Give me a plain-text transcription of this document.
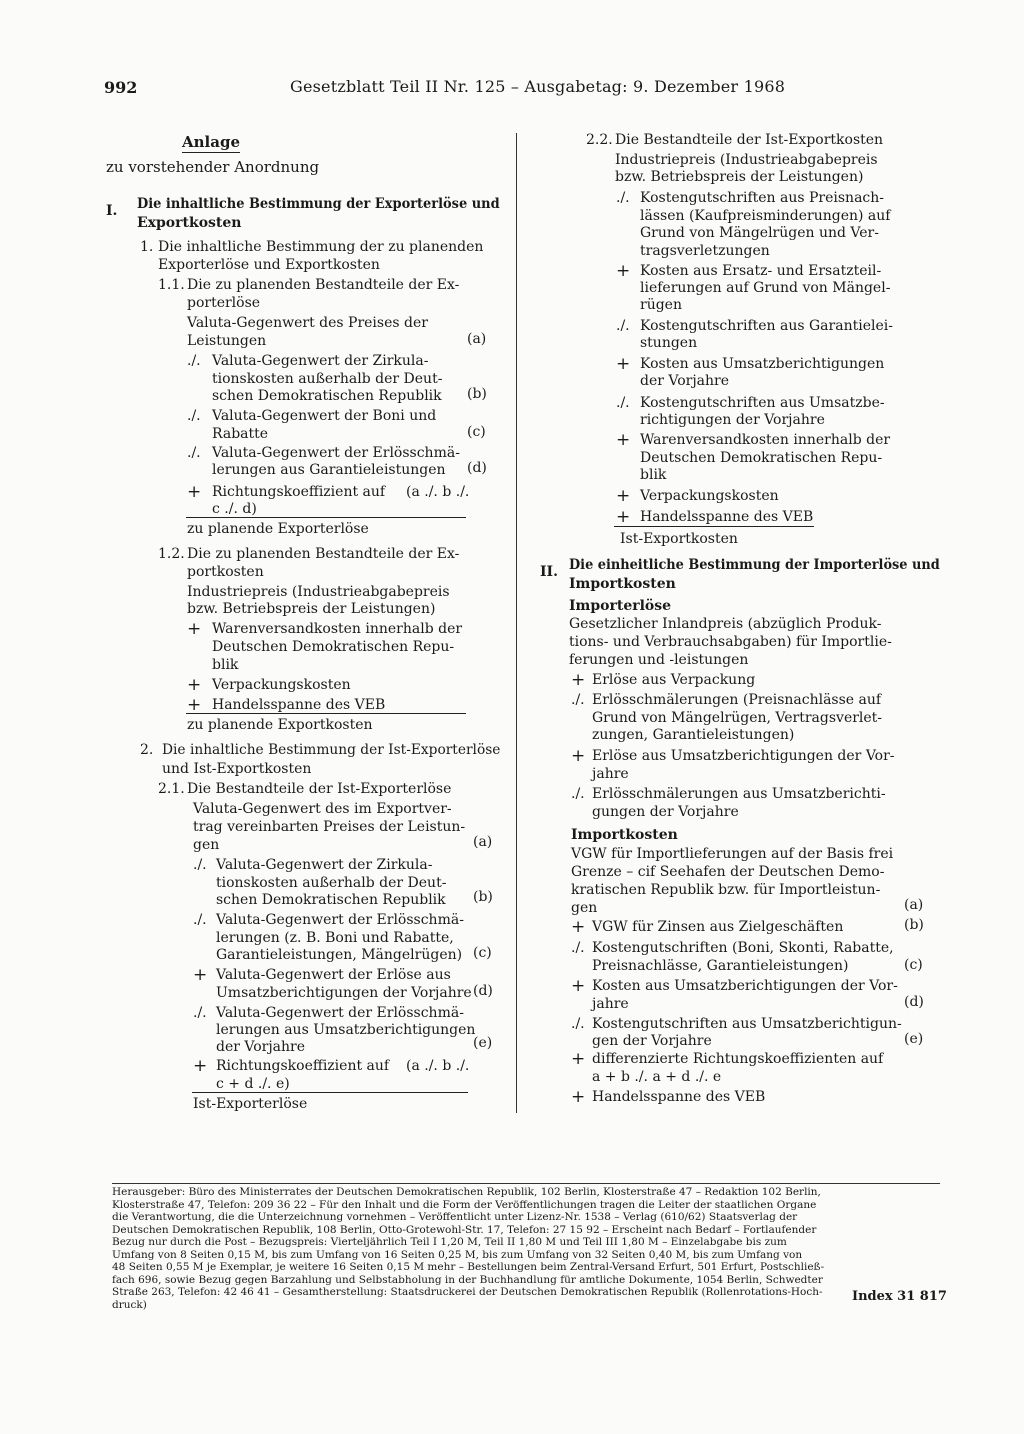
992	Gesetzblatt Teil II Nr. 125 – Ausgabetag: 9. Dezember 1968
Anlage
zu vorstehender Anordnung
I. Die inhaltliche Bestimmung der Exporterlöse und
Exportkosten
1. Die inhaltliche Bestimmung der zu planenden
Exporterlöse und Exportkosten
1.1. Die zu planenden Bestandteile der Ex-
porterlöse
Valuta-Gegenwert des Preises der
Leistungen	(a)
./. Valuta-Gegenwert der Zirkula-
tionskosten außerhalb der Deut-
schen Demokratischen Republik (b)
./. Valuta-Gegenwert der Boni und
Rabatte	(c)
./. Valuta-Gegenwert der Erlösschmä-
lerungen aus Garantieleistungen (d)
+ Richtungskoeffizient auf (a ./. b ./.
c ./. d)
zu planende Exporterlöse
1.2. Die zu planenden Bestandteile der Ex-
portkosten
Industriepreis (Industrieabgabepreis
bzw. Betriebspreis der Leistungen)
+ Warenversandkosten innerhalb der
Deutschen Demokratischen Repu-
blik
+ Verpackungskosten
+ Handelsspanne des VEB
zu planende Exportkosten
2. Die inhaltliche Bestimmung der Ist-Exporterlöse
und Ist-Exportkosten
2.1. Die Bestandteile der Ist-Exporterlöse
Valuta-Gegenwert des im Exportver-
trag vereinbarten Preises der Leistun-
gen	(a)
./. Valuta-Gegenwert der Zirkula-
tionskosten außerhalb der Deut-
schen Demokratischen Republik (b)
./. Valuta-Gegenwert der Erlösschmä-
lerungen (z. B. Boni und Rabatte,
Garantieleistungen, Mängelrügen) (c)
+ Valuta-Gegenwert der Erlöse aus
Umsatzberichtigungen der Vorjahre (d)
./. Valuta-Gegenwert der Erlösschmä-
lerungen aus Umsatzberichtigungen
der Vorjahre	(e)
+ Richtungskoeffizient auf (a ./. b ./.
c + d ./. e)
Ist-Exporterlöse
2.2. Die Bestandteile der Ist-Exportkosten
Industriepreis (Industrieabgabepreis
bzw. Betriebspreis der Leistungen)
./. Kostengutschriften aus Preisnach-
lässen (Kaufpreisminderungen) auf
Grund von Mängelrügen und Ver-
tragsverletzungen
+ Kosten aus Ersatz- und Ersatzteil-
lieferungen auf Grund von Mängel-
rügen
./. Kostengutschriften aus Garantielei-
stungen
+ Kosten aus Umsatzberichtigungen
der Vorjahre
./. Kostengutschriften aus Umsatzbe-
richtigungen der Vorjahre
+ Warenversandkosten innerhalb der
Deutschen Demokratischen Repu-
blik
+ Verpackungskosten
+ Handelsspanne des VEB
Ist-Exportkosten
II. Die einheitliche Bestimmung der Importerlöse und
Importkosten
Importerlöse
Gesetzlicher Inlandpreis (abzüglich Produk-
tions- und Verbrauchsabgaben) für Importlie-
ferungen und -leistungen
+ Erlöse aus Verpackung
./. Erlösschmälerungen (Preisnachlässe auf
Grund von Mängelrügen, Vertragsverlet-
zungen, Garantieleistungen)
+ Erlöse aus Umsatzberichtigungen der Vor-
jahre
./. Erlösschmälerungen aus Umsatzberichti-
gungen der Vorjahre
Importkosten
VGW für Importlieferungen auf der Basis frei
Grenze – cif Seehafen der Deutschen Demo-
kratischen Republik bzw. für Importleistun-
gen	(a)
+ VGW für Zinsen aus Zielgeschäften	(b)
./. Kostengutschriften (Boni, Skonti, Rabatte,
Preisnachlässe, Garantieleistungen)	(c)
+ Kosten aus Umsatzberichtigungen der Vor-
jahre	(d)
./. Kostengutschriften aus Umsatzberichtigun-
gen der Vorjahre	(e)
+ differenzierte Richtungskoeffizienten auf
a + b ./. a + d ./. e
+ Handelsspanne des VEB
Herausgeber: Büro des Ministerrates der Deutschen Demokratischen Republik, 102 Berlin, Klosterstraße 47 – Redaktion 102 Berlin,
Klosterstraße 47, Telefon: 209 36 22 – Für den Inhalt und die Form der Veröffentlichungen tragen die Leiter der staatlichen Organe
die Verantwortung, die die Unterzeichnung vornehmen – Veröffentlicht unter Lizenz-Nr. 1538 – Verlag (610/62) Staatsverlag der
Deutschen Demokratischen Republik, 108 Berlin, Otto-Grotewohl-Str. 17, Telefon: 27 15 92 – Erscheint nach Bedarf – Fortlaufender
Bezug nur durch die Post – Bezugspreis: Vierteljährlich Teil I 1,20 M, Teil II 1,80 M und Teil III 1,80 M – Einzelabgabe bis zum
Umfang von 8 Seiten 0,15 M, bis zum Umfang von 16 Seiten 0,25 M, bis zum Umfang von 32 Seiten 0,40 M, bis zum Umfang von
48 Seiten 0,55 M je Exemplar, je weitere 16 Seiten 0,15 M mehr – Bestellungen beim Zentral-Versand Erfurt, 501 Erfurt, Postschließ-
fach 696, sowie Bezug gegen Barzahlung und Selbstabholung in der Buchhandlung für amtliche Dokumente, 1054 Berlin, Schwedter
Straße 263, Telefon: 42 46 41 – Gesamtherstellung: Staatsdruckerei der Deutschen Demokratischen Republik (Rollenrotations-Hoch-
druck)
Index 31 817
